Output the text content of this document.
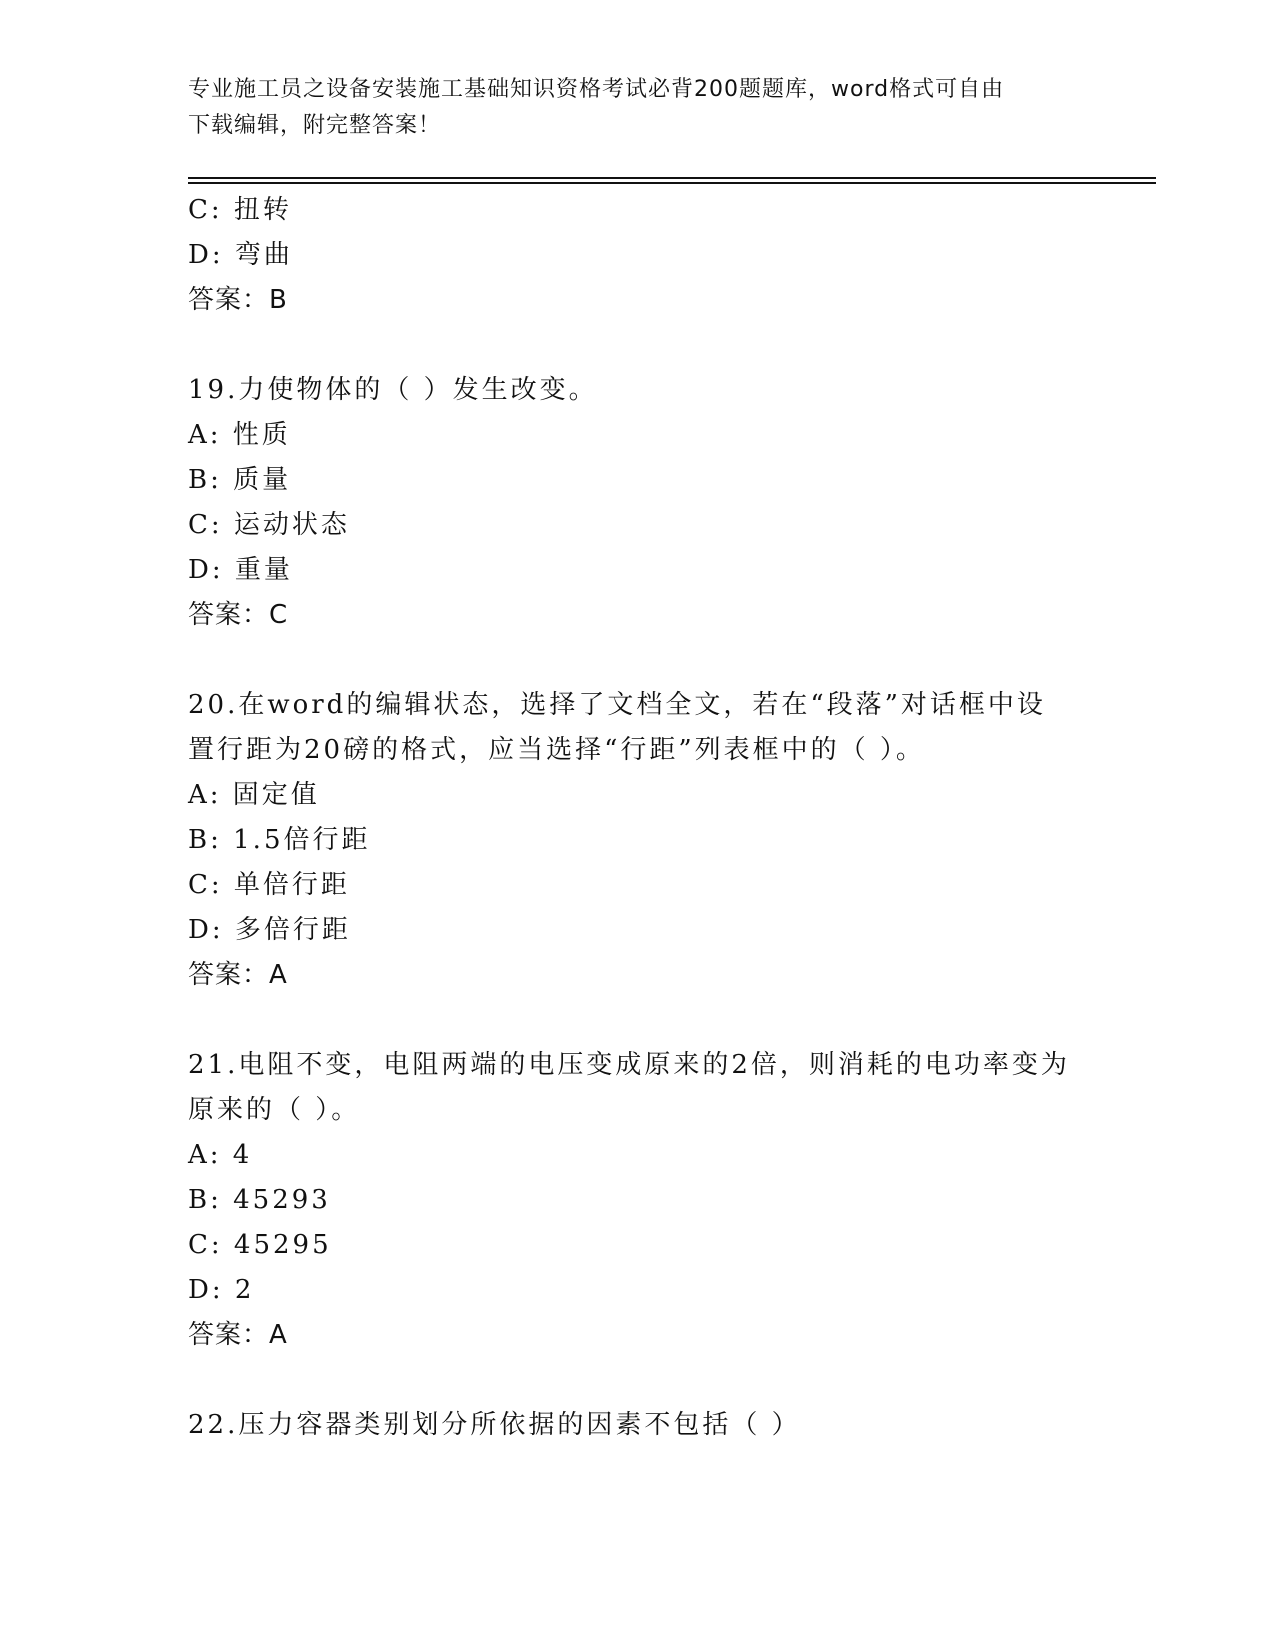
专业施工员之设备安装施工基础知识资格考试必背200题题库，word格式可自由
下载编辑，附完整答案！
C: 扭转
D: 弯曲
答案：B
19.力使物体的（ ）发生改变。
A: 性质
B: 质量
C: 运动状态
D: 重量
答案：C
20.在word的编辑状态，选择了文档全文，若在“段落”对话框中设
置行距为20磅的格式，应当选择“行距”列表框中的（ ）。
A: 固定值
B: 1.5倍行距
C: 单倍行距
D: 多倍行距
答案：A
21.电阻不变，电阻两端的电压变成原来的2倍，则消耗的电功率变为
原来的（ ）。
A: 4
B: 45293
C: 45295
D: 2
答案：A
22.压力容器类别划分所依据的因素不包括（ ）
